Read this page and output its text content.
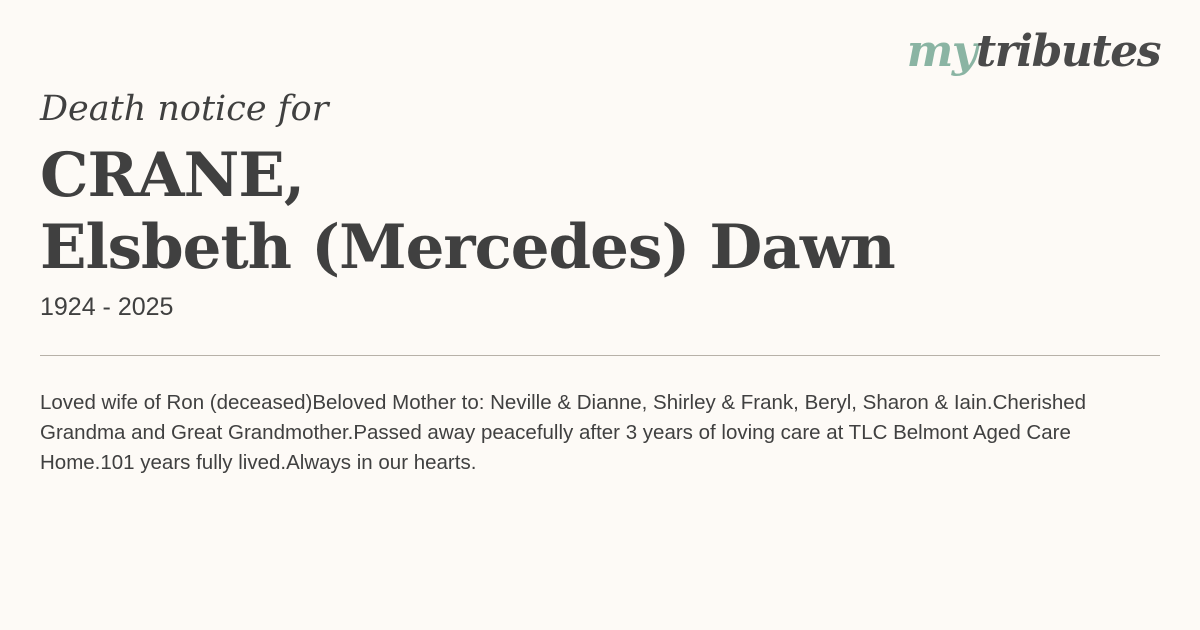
mytributes
Death notice for
CRANE,
Elsbeth (Mercedes) Dawn
1924 - 2025
Loved wife of Ron (deceased)Beloved Mother to: Neville & Dianne, Shirley & Frank, Beryl, Sharon & Iain.Cherished Grandma and Great Grandmother.Passed away peacefully after 3 years of loving care at TLC Belmont Aged Care Home.101 years fully lived.Always in our hearts.
